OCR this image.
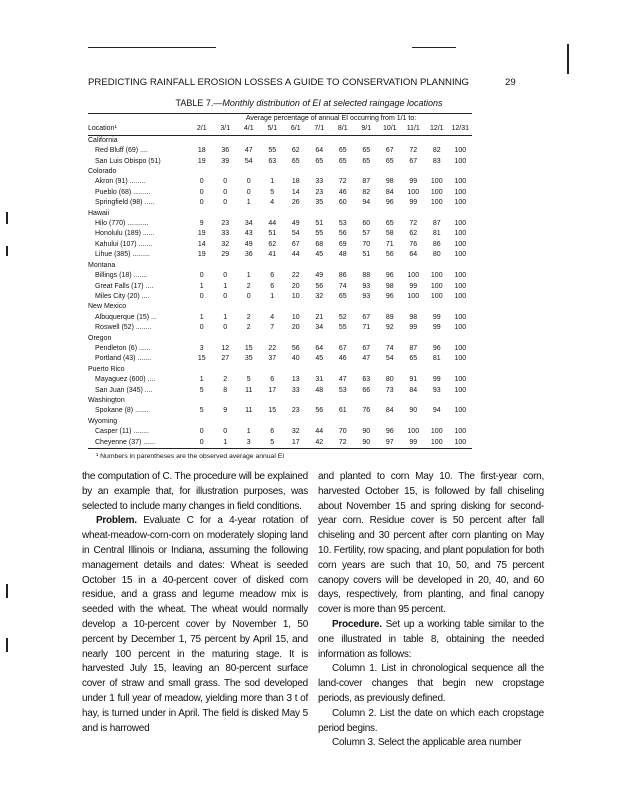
PREDICTING RAINFALL EROSION LOSSES A GUIDE TO CONSERVATION PLANNING	29
TABLE 7.—Monthly distribution of EI at selected raingage locations
	Average percentage of annual EI occurring from 1/1 to:											
Location¹	2/1	3/1	4/1	5/1	6/1	7/1	8/1	9/1	10/1	11/1	12/1	12/31
California												
Red Bluff (69) ....	18	36	47	55	62	64	65	65	67	72	82	100
San Luis Obispo (51)	19	39	54	63	65	65	65	65	65	67	83	100
Colorado												
Akron (91) ........	0	0	0	1	18	33	72	87	98	99	100	100
Pueblo (68) .........	0	0	0	5	14	23	46	82	84	100	100	100
Springfield (98) .....	0	0	1	4	26	35	60	94	96	99	100	100
Hawaii												
Hilo (770) ...........	9	23	34	44	49	51	53	60	65	72	87	100
Honolulu (189) ......	19	33	43	51	54	55	56	57	58	62	81	100
Kahului (107) .......	14	32	49	62	67	68	69	70	71	76	86	100
Lihue (385) .........	19	29	36	41	44	45	48	51	56	64	80	100
Montana												
Billings (18) .......	0	0	1	6	22	49	86	88	96	100	100	100
Great Falls (17) ....	1	1	2	6	20	56	74	93	98	99	100	100
Miles City (20) ....	0	0	0	1	10	32	65	93	96	100	100	100
New Mexico												
Albuquerque (15) ...	1	1	2	4	10	21	52	67	89	98	99	100
Roswell (52) ........	0	0	2	7	20	34	55	71	92	99	99	100
Oregon												
Pendleton (6) ......	3	12	15	22	56	64	67	67	74	87	96	100
Portland (43) .......	15	27	35	37	40	45	46	47	54	65	81	100
Puerto Rico												
Mayaguez (600) ....	1	2	5	6	13	31	47	63	80	91	99	100
San Juan (345) ....	5	8	11	17	33	48	53	66	73	84	93	100
Washington												
Spokane (8) .......	5	9	11	15	23	56	61	76	84	90	94	100
Wyoming												
Casper (11) ........	0	0	1	6	32	44	70	90	96	100	100	100
Cheyenne (37) ......	0	1	3	5	17	42	72	90	97	99	100	100
¹ Numbers in parentheses are the observed average annual EI

the computation of C. The procedure will be explained by an example that, for illustration purposes, was selected to include many changes in field conditions.

Problem. Evaluate C for a 4-year rotation of wheat-meadow-corn-corn on moderately sloping land in Central Illinois or Indiana, assuming the following management details and dates: Wheat is seeded October 15 in a 40-percent cover of disked corn residue, and a grass and legume meadow mix is seeded with the wheat. The wheat would normally develop a 10-percent cover by November 1, 50 percent by December 1, 75 percent by April 15, and nearly 100 percent in the maturing stage. It is harvested July 15, leaving an 80-percent surface cover of straw and small grass. The sod developed under 1 full year of meadow, yielding more than 3 t of hay, is turned under in April. The field is disked May 5 and is harrowed

and planted to corn May 10. The first-year corn, harvested October 15, is followed by fall chiseling about November 15 and spring disking for second-year corn. Residue cover is 50 percent after fall chiseling and 30 percent after corn planting on May 10. Fertility, row spacing, and plant population for both corn years are such that 10, 50, and 75 percent canopy covers will be developed in 20, 40, and 60 days, respectively, from planting, and final canopy cover is more than 95 percent.

Procedure. Set up a working table similar to the one illustrated in table 8, obtaining the needed information as follows:

Column 1. List in chronological sequence all the land-cover changes that begin new cropstage periods, as previously defined.

Column 2. List the date on which each cropstage period begins.

Column 3. Select the applicable area number
